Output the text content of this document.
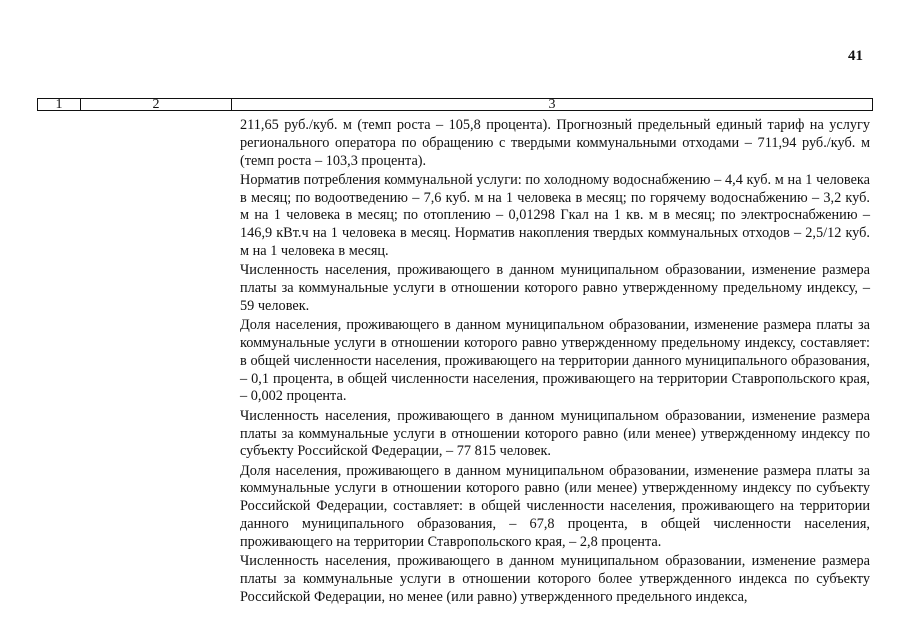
41
1	2	3

211,65 руб./куб. м (темп роста – 105,8 процента). Прогнозный предельный единый тариф на услугу регионального оператора по обращению с твердыми коммунальными отходами – 711,94 руб./куб. м (темп роста – 103,3 процента).

Норматив потребления коммунальной услуги: по холодному водоснабжению – 4,4 куб. м на 1 человека в месяц; по водоотведению – 7,6 куб. м на 1 человека в месяц; по горячему водоснабжению – 3,2 куб. м на 1 человека в месяц; по отоплению – 0,01298 Гкал на 1 кв. м в месяц; по электроснабжению – 146,9 кВт.ч на 1 человека в месяц. Норматив накопления твердых коммунальных отходов – 2,5/12 куб. м на 1 человека в месяц.

Численность населения, проживающего в данном муниципальном образовании, изменение размера платы за коммунальные услуги в отношении которого равно утвержденному предельному индексу, – 59 человек.

Доля населения, проживающего в данном муниципальном образовании, изменение размера платы за коммунальные услуги в отношении которого равно утвержденному предельному индексу, составляет: в общей численности населения, проживающего на территории данного муниципального образования, – 0,1 процента, в общей численности населения, проживающего на территории Ставропольского края, – 0,002 процента.

Численность населения, проживающего в данном муниципальном образовании, изменение размера платы за коммунальные услуги в отношении которого равно (или менее) утвержденному индексу по субъекту Российской Федерации, – 77 815 человек.

Доля населения, проживающего в данном муниципальном образовании, изменение размера платы за коммунальные услуги в отношении которого равно (или менее) утвержденному индексу по субъекту Российской Федерации, составляет: в общей численности населения, проживающего на территории данного муниципального образования, – 67,8 процента, в общей численности населения, проживающего на территории Ставропольского края, – 2,8 процента.

Численность населения, проживающего в данном муниципальном образовании, изменение размера платы за коммунальные услуги в отношении которого более утвержденного индекса по субъекту Российской Федерации, но менее (или равно) утвержденного предельного индекса,
